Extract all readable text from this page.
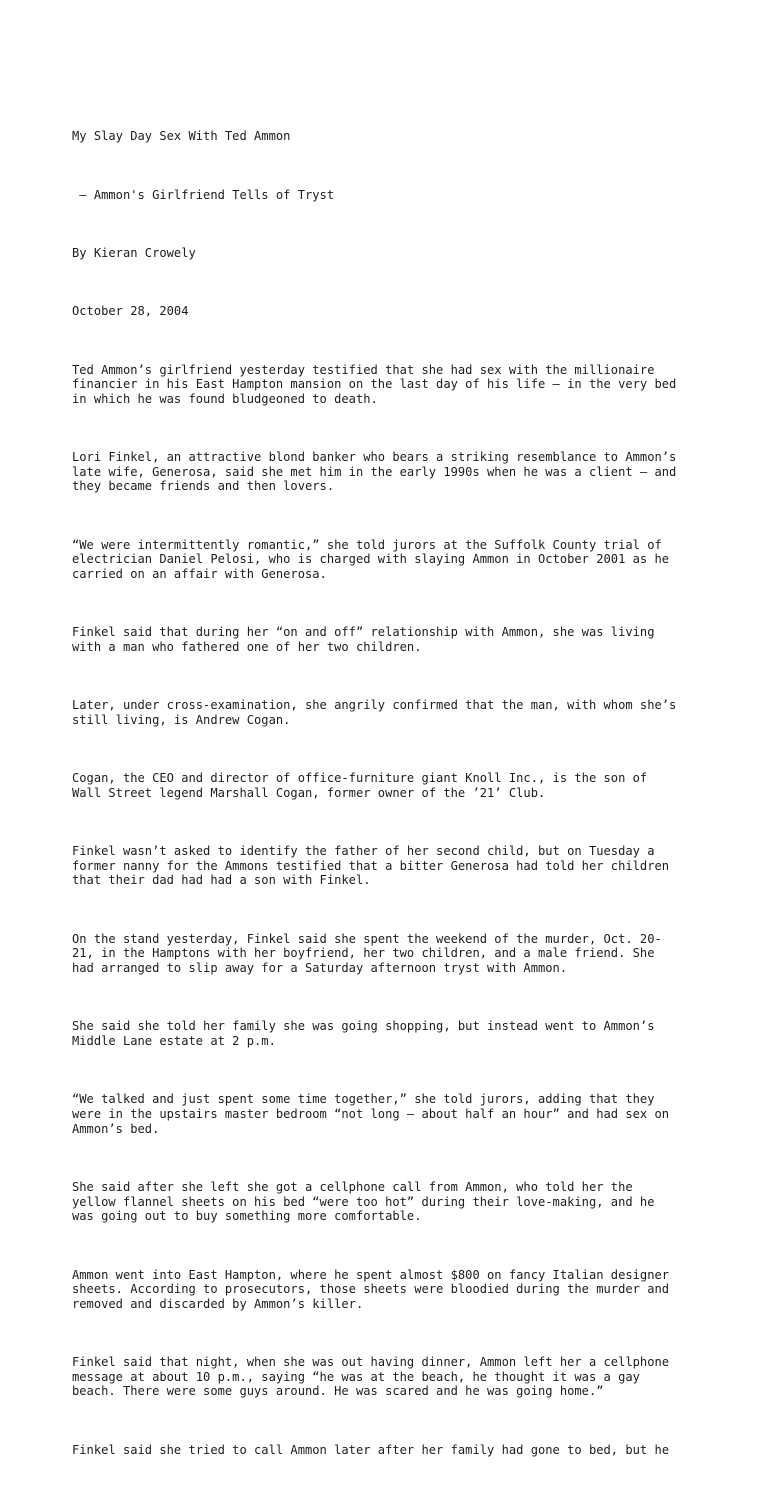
My Slay Day Sex With Ted Ammon

– Ammon's Girlfriend Tells of Tryst

By Kieran Crowely

October 28, 2004

Ted Ammon’s girlfriend yesterday testified that she had sex with the millionaire
financier in his East Hampton mansion on the last day of his life – in the very bed
in which he was found bludgeoned to death.

Lori Finkel, an attractive blond banker who bears a striking resemblance to Ammon’s
late wife, Generosa, said she met him in the early 1990s when he was a client – and
they became friends and then lovers.

“We were intermittently romantic,” she told jurors at the Suffolk County trial of
electrician Daniel Pelosi, who is charged with slaying Ammon in October 2001 as he
carried on an affair with Generosa.

Finkel said that during her “on and off” relationship with Ammon, she was living
with a man who fathered one of her two children.

Later, under cross-examination, she angrily confirmed that the man, with whom she’s
still living, is Andrew Cogan.

Cogan, the CEO and director of office-furniture giant Knoll Inc., is the son of
Wall Street legend Marshall Cogan, former owner of the ’21’ Club.

Finkel wasn’t asked to identify the father of her second child, but on Tuesday a
former nanny for the Ammons testified that a bitter Generosa had told her children
that their dad had had a son with Finkel.

On the stand yesterday, Finkel said she spent the weekend of the murder, Oct. 20-
21, in the Hamptons with her boyfriend, her two children, and a male friend. She
had arranged to slip away for a Saturday afternoon tryst with Ammon.

She said she told her family she was going shopping, but instead went to Ammon’s
Middle Lane estate at 2 p.m.

“We talked and just spent some time together,” she told jurors, adding that they
were in the upstairs master bedroom “not long – about half an hour” and had sex on
Ammon’s bed.

She said after she left she got a cellphone call from Ammon, who told her the
yellow flannel sheets on his bed “were too hot” during their love-making, and he
was going out to buy something more comfortable.

Ammon went into East Hampton, where he spent almost $800 on fancy Italian designer
sheets. According to prosecutors, those sheets were bloodied during the murder and
removed and discarded by Ammon’s killer.

Finkel said that night, when she was out having dinner, Ammon left her a cellphone
message at about 10 p.m., saying “he was at the beach, he thought it was a gay
beach. There were some guys around. He was scared and he was going home.”

Finkel said she tried to call Ammon later after her family had gone to bed, but he
